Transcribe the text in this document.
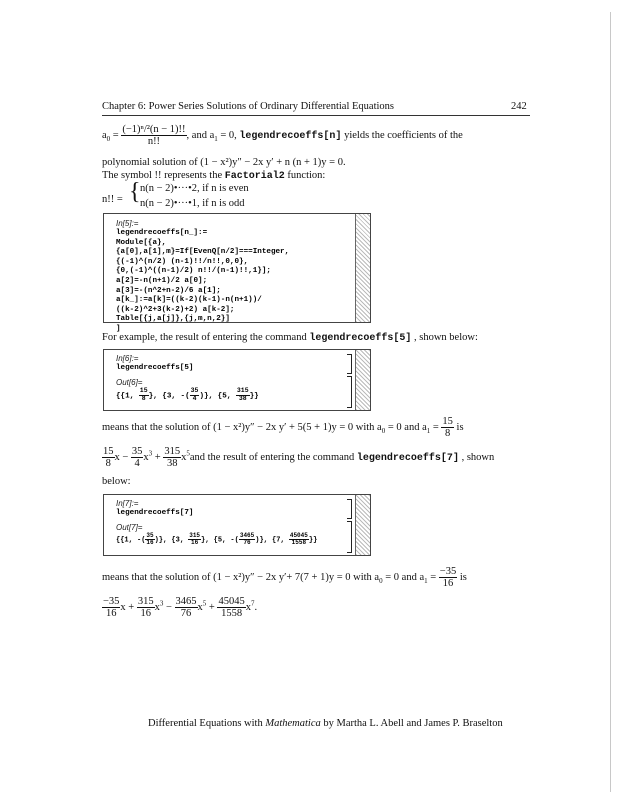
Chapter 6: Power Series Solutions of Ordinary Differential Equations	242
$a_0 = \frac{\text{(−1)ⁿ/²(n − 1)!!}}{n!!}$ , and $a_1 = 0$, legendrecoeffs[n] yields the coefficients of the
polynomial solution of (1 − x²)y″ − 2x y′ + n (n + 1)y = 0.
The symbol !! represents the Factorial2 function:
n!! = { n(n − 2)•···•2, if n is even
n(n − 2)•···•1, if n is odd
In[5]:=
legendrecoeffs[n_]:=
Module[{a},
{a[0],a[1],m}=If[EvenQ[n/2]===Integer,
{(-1)^(n/2) (n-1)!!/n!!,0,0},
{0,(-1)^((n-1)/2) n!!/(n-1)!!,1}];
a[2]=-n(n+1)/2 a[0];
a[3]=-(n^2+n-2)/6 a[1];
a[k_]:=a[k]=((k-2)(k-1)-n(n+1))/
((k-2)^2+3(k-2)+2) a[k-2];
Table[{j,a[j]},{j,m,n,2}]
]
For example, the result of entering the command legendrecoeffs[5] , shown below:
In[6]:=
legendrecoeffs[5]
Out[6]=
{{1, $\frac{15}{8}$ }, {3, -( $\frac{35}{4}$ )}, {5, $\frac{315}{38}$ }}
means that the solution of (1 − x²)y″ − 2x y′ + 5(5 + 1)y = 0 with $a_0 = 0$ and $a_1 = \frac{15}{8}$ is
$\frac{15}{8}$ $x - \frac{35}{4} x^3 + \frac{315}{38} x^5and$ the result of entering the command legendrecoeffs[7] , shown
below:
In[7]:=
legendrecoeffs[7]
Out[7]=
{{1, -( $\frac{35}{16}$ )}, {3, $\frac{315}{16}$ }, {5, -( $\frac{3465}{76}$ )}, {7, $\frac{45045}{1558}$ }}
means that the solution of (1 − x²)y″ − 2x y′+ 7(7 + 1)y = 0 with $a_0 = 0$ and $a_1 = \frac{-35}{16}$ is
$\frac{-35}{16}$ $x + \frac{315}{16} x^3 - \frac{3465}{76} x^5 + \frac{45045}{1558} x^7$.
Differential Equations with Mathematica by Martha L. Abell and James P. Braselton
